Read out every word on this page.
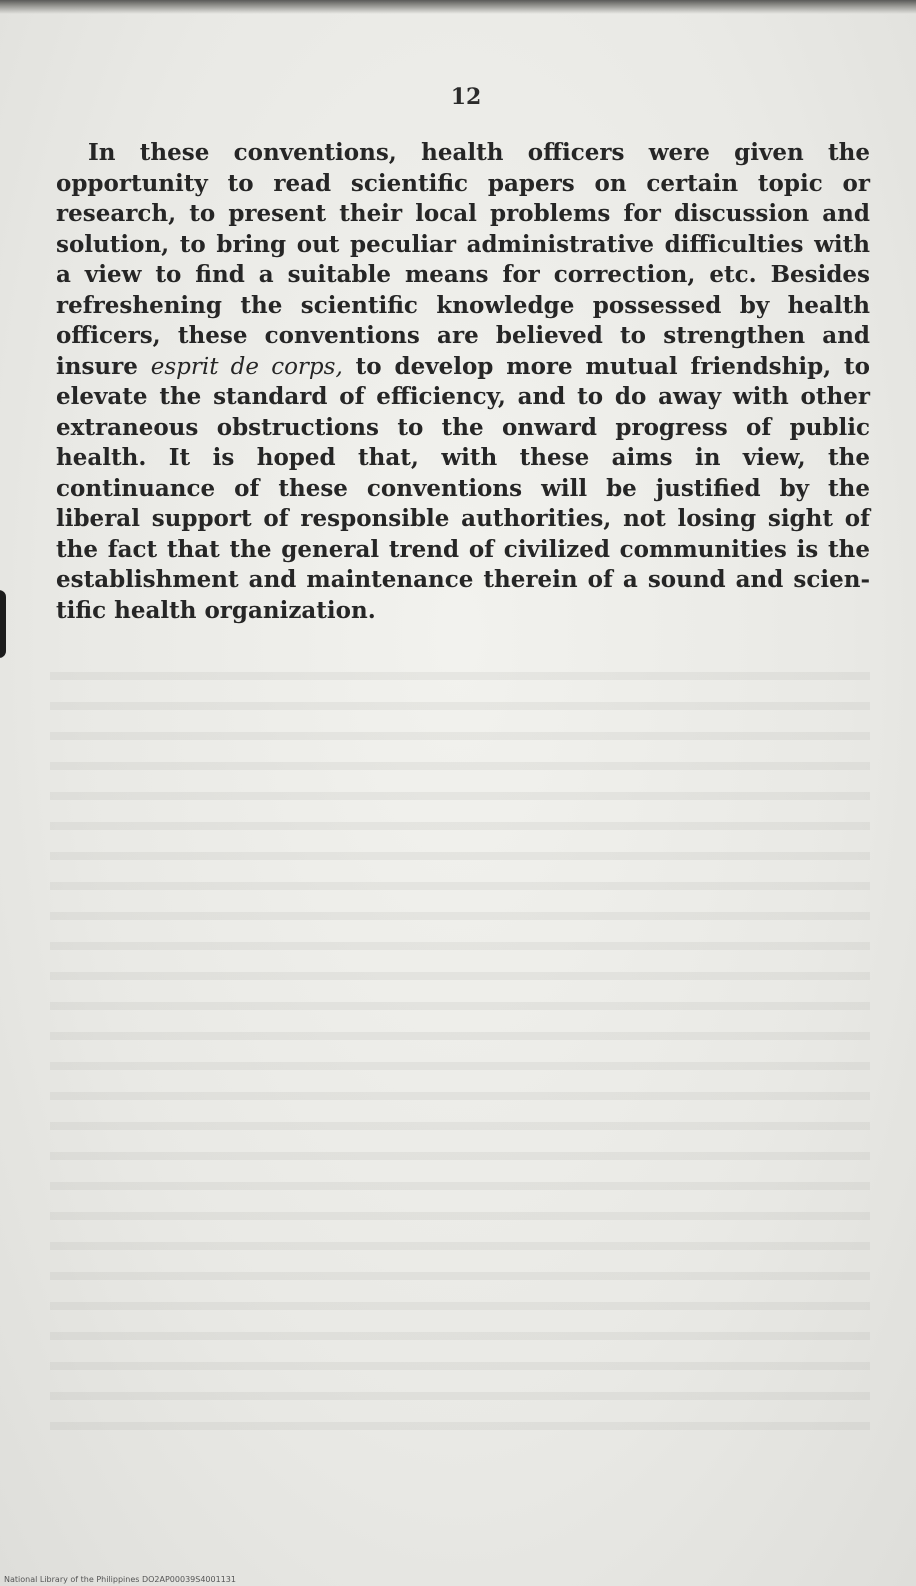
12

In these conventions, health officers were given the opportunity to read scientific papers on certain topic or research, to present their local problems for discussion and solution, to bring out peculiar administrative difficulties with a view to find a suitable means for correction, etc. Besides refreshening the scientific knowledge possessed by health officers, these conventions are believed to strengthen and insure esprit de corps, to develop more mutual friendship, to elevate the standard of efficiency, and to do away with other extraneous obstructions to the onward progress of public health. It is hoped that, with these aims in view, the continuance of these conventions will be justified by the liberal support of responsible authorities, not losing sight of the fact that the general trend of civilized communities is the establishment and maintenance therein of a sound and scientific health organization.

National Library of the Philippines DO2AP00039S4001131
